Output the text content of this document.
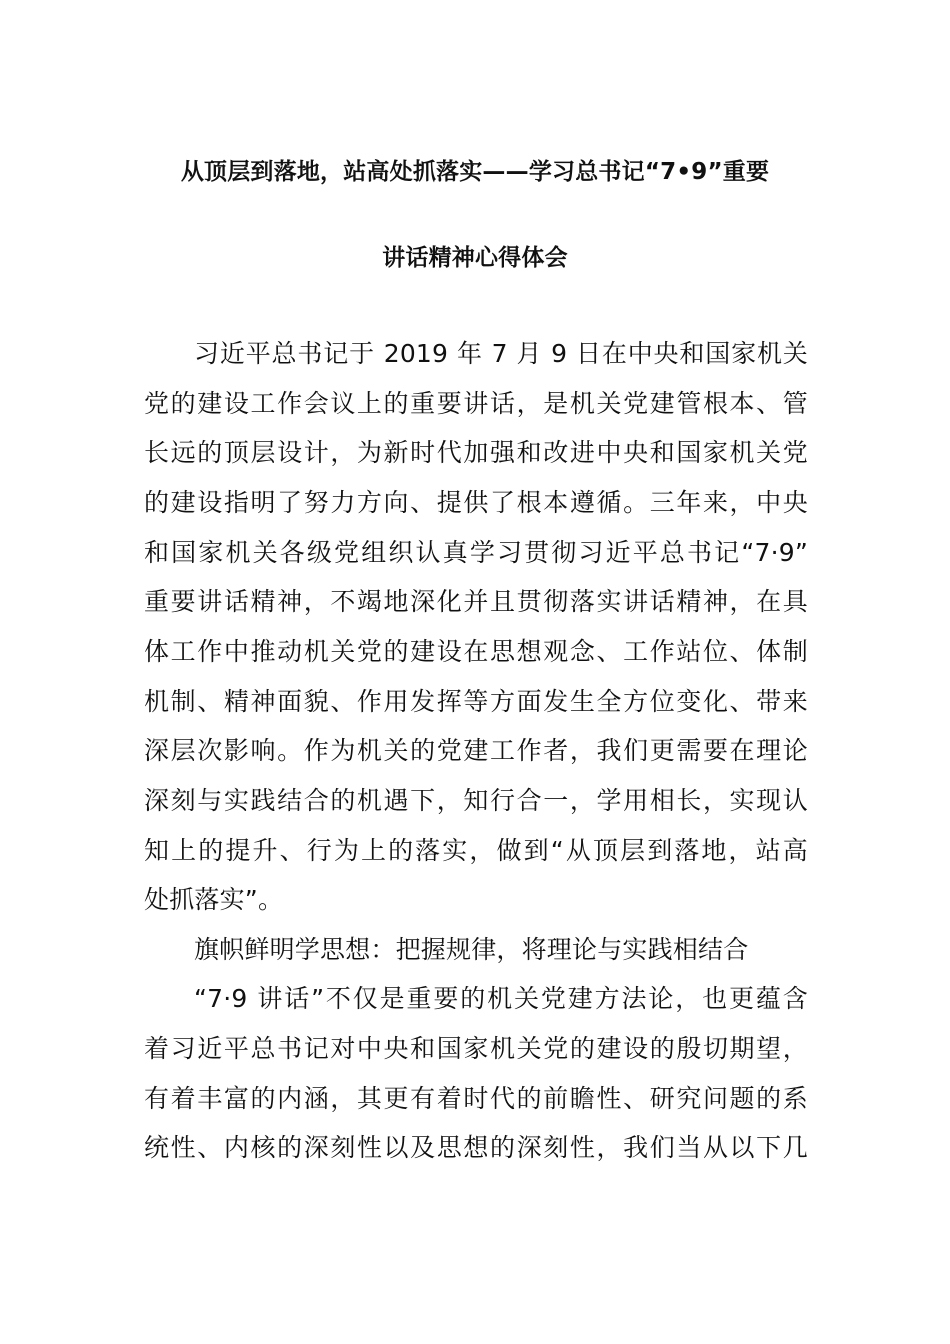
从顶层到落地，站高处抓落实——学习总书记“7•9”重要
讲话精神心得体会
习近平总书记于 2019 年 7 月 9 日在中央和国家机关
党的建设工作会议上的重要讲话，是机关党建管根本、管
长远的顶层设计，为新时代加强和改进中央和国家机关党
的建设指明了努力方向、提供了根本遵循。三年来，中央
和国家机关各级党组织认真学习贯彻习近平总书记“7·9”
重要讲话精神，不竭地深化并且贯彻落实讲话精神，在具
体工作中推动机关党的建设在思想观念、工作站位、体制
机制、精神面貌、作用发挥等方面发生全方位变化、带来
深层次影响。作为机关的党建工作者，我们更需要在理论
深刻与实践结合的机遇下，知行合一，学用相长，实现认
知上的提升、行为上的落实，做到“从顶层到落地，站高
处抓落实”。
旗帜鲜明学思想：把握规律，将理论与实践相结合
“7·9 讲话”不仅是重要的机关党建方法论，也更蕴含
着习近平总书记对中央和国家机关党的建设的殷切期望，
有着丰富的内涵，其更有着时代的前瞻性、研究问题的系
统性、内核的深刻性以及思想的深刻性，我们当从以下几
